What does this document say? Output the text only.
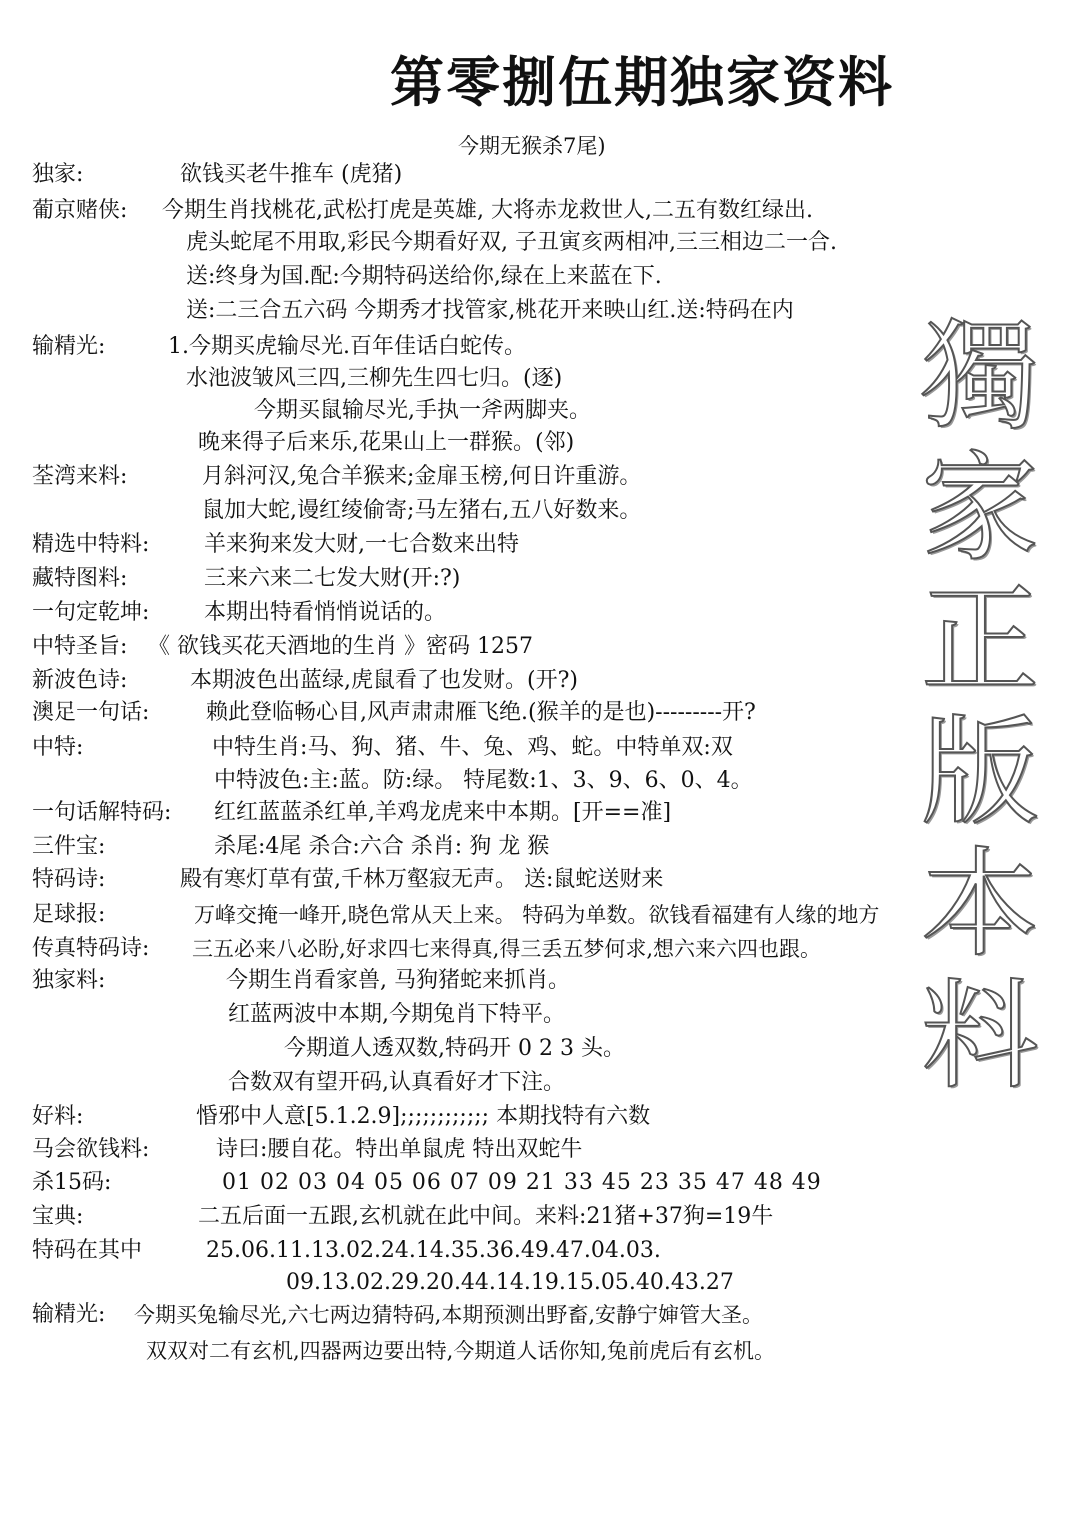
第零捌伍期独家资料
今期无猴杀7尾)
独家:	欲钱买老牛推车 (虎猪)
葡京赌侠: 今期生肖找桃花,武松打虎是英雄, 大将赤龙救世人,二五有数红绿出.
虎头蛇尾不用取,彩民今期看好双, 子丑寅亥两相冲,三三相边二一合.
送:终身为国.配:今期特码送给你,绿在上来蓝在下.
送:二三合五六码 今期秀才找管家,桃花开来映山红.送:特码在内
输精光:	1.今期买虎输尽光.百年佳话白蛇传。
水池波皱风三四,三柳先生四七归。(逐)
今期买鼠输尽光,手执一斧两脚夹。
晚来得子后来乐,花果山上一群猴。(邻)
荃湾来料:	月斜河汉,兔合羊猴来;金扉玉榜,何日许重游。
鼠加大蛇,谩红绫偷寄;马左猪右,五八好数来。
精选中特料: 羊来狗来发大财,一七合数来出特
藏特图料:	三来六来二七发大财(开:?)
一句定乾坤: 本期出特看悄悄说话的。
中特圣旨: 《 欲钱买花天酒地的生肖 》密码 1257
新波色诗:	本期波色出蓝绿,虎鼠看了也发财。(开?)
澳足一句话:	赖此登临畅心目,风声肃肃雁飞绝.(猴羊的是也)---------开?
中特:	中特生肖:马、狗、猪、牛、兔、鸡、蛇。中特单双:双
中特波色:主:蓝。防:绿。 特尾数:1、3、9、6、0、4。
一句话解特码: 红红蓝蓝杀红单,羊鸡龙虎来中本期。[开==准]
三件宝:	杀尾:4尾 杀合:六合 杀肖: 狗 龙 猴
特码诗:	殿有寒灯草有萤,千林万壑寂无声。 送:鼠蛇送财来
足球报:	万峰交掩一峰开,晓色常从天上来。 特码为单数。欲钱看福建有人缘的地方
传真特码诗: 三五必来八必盼,好求四七来得真,得三丢五梦何求,想六来六四也跟。
独家料:	今期生肖看家兽, 马狗猪蛇来抓肖。
红蓝两波中本期,今期兔肖下特平。
今期道人透双数,特码开 0 2 3 头。
合数双有望开码,认真看好才下注。
好料:	惛邪中人意[5.1.2.9];;;;;;;;;;;; 本期找特有六数
马会欲钱料:	诗曰:腰自花。特出单鼠虎 特出双蛇牛
杀15码:	01 02 03 04 05 06 07 09 21 33 45 23 35 47 48 49
宝典:	二五后面一五跟,玄机就在此中间。来料:21猪+37狗=19牛
特码在其中	25.06.11.13.02.24.14.35.36.49.47.04.03.
09.13.02.29.20.44.14.19.15.05.40.43.27
输精光: 今期买兔输尽光,六七两边猜特码,本期预测出野畜,安静宁婶管大圣。
双双对二有玄机,四器两边要出特,今期道人话你知,兔前虎后有玄机。
獨
家
正
版
本
料
